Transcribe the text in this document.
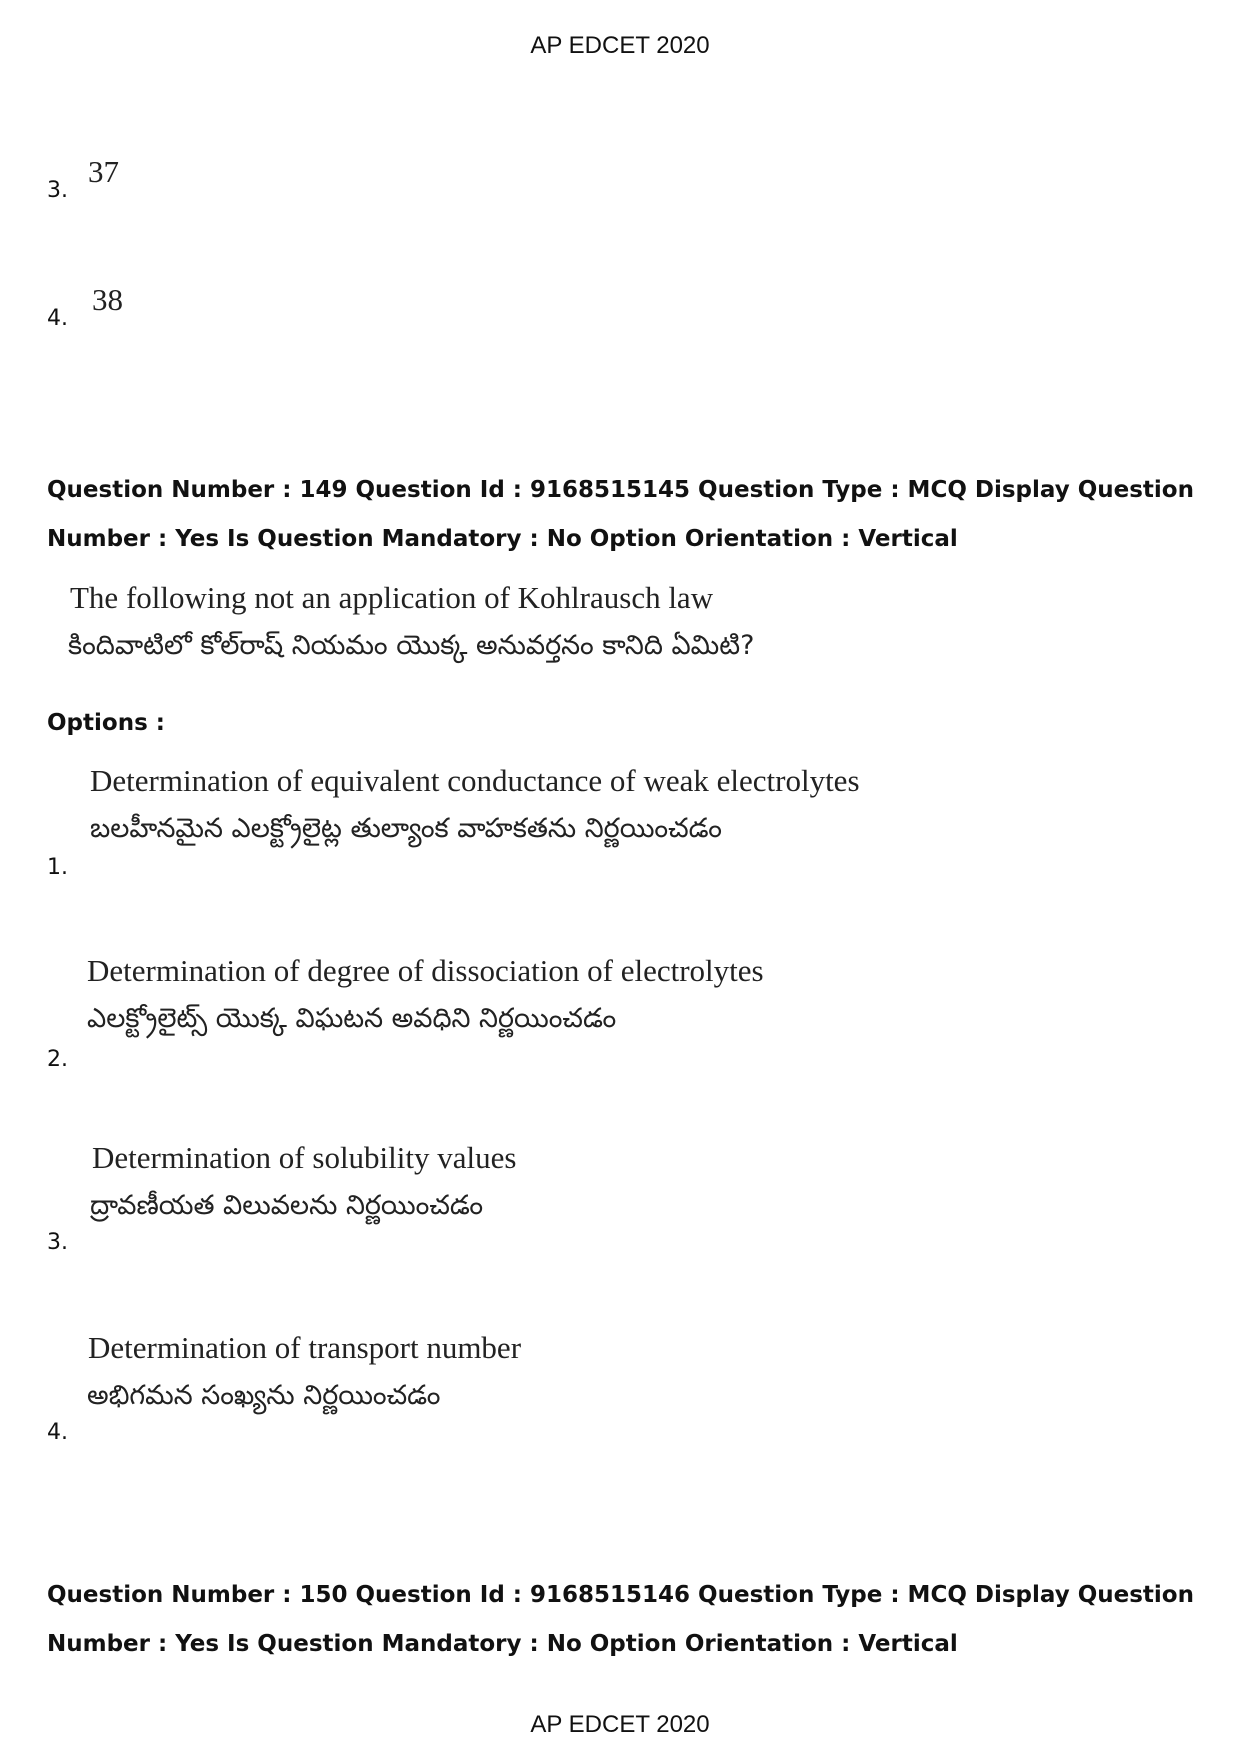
AP EDCET 2020
37
3.
38
4.
Question Number : 149 Question Id : 9168515145 Question Type : MCQ Display Question
Number : Yes Is Question Mandatory : No Option Orientation : Vertical
The following not an application of Kohlrausch law
కిందివాటిలో కోల్‌రాష్ నియమం యొక్క అనువర్తనం కానిది ఏమిటి?
Options :
Determination of equivalent conductance of weak electrolytes
బలహీనమైన ఎలక్ట్రోలైట్ల తుల్యాంక వాహకతను నిర్ణయించడం
1.
Determination of degree of dissociation of electrolytes
ఎలక్ట్రోలైట్స్ యొక్క విఘటన అవధిని నిర్ణయించడం
2.
Determination of solubility values
ద్రావణీయత విలువలను నిర్ణయించడం
3.
Determination of transport number
అభిగమన సంఖ్యను నిర్ణయించడం
4.
Question Number : 150 Question Id : 9168515146 Question Type : MCQ Display Question
Number : Yes Is Question Mandatory : No Option Orientation : Vertical
AP EDCET 2020
